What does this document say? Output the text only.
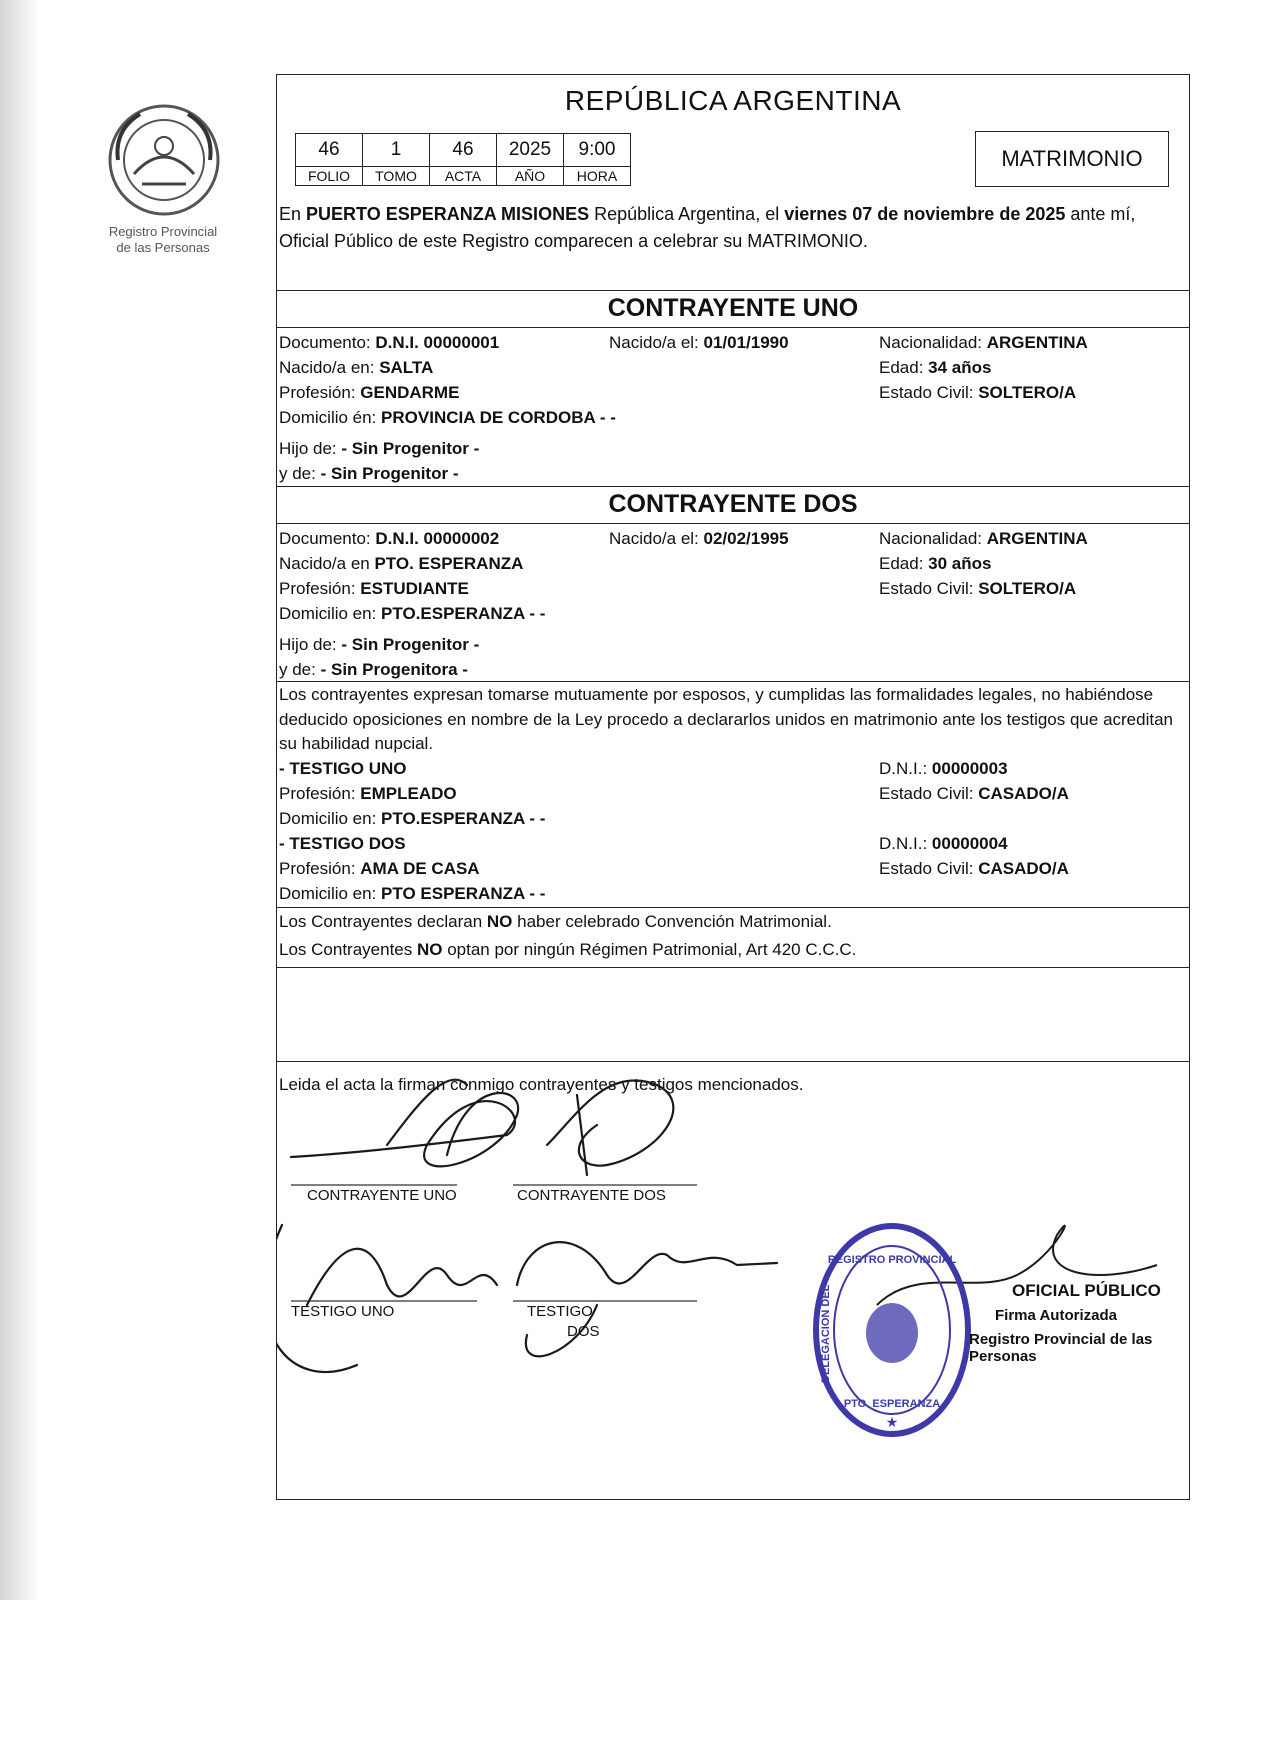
Registro Provincial
de las Personas
REPÚBLICA ARGENTINA
46	1	46	2025	9:00
FOLIO	TOMO	ACTA	AÑO	HORA
MATRIMONIO
En PUERTO ESPERANZA MISIONES República Argentina, el viernes 07 de noviembre de 2025 ante mí, Oficial Público de este Registro comparecen a celebrar su MATRIMONIO.
CONTRAYENTE UNO
Documento: D.N.I. 00000001	Nacido/a el: 01/01/1990	Nacionalidad: ARGENTINA
Nacido/a en: SALTA	Edad: 34 años
Profesión: GENDARME	Estado Civil: SOLTERO/A
Domicilio én: PROVINCIA DE CORDOBA - -
Hijo de: - Sin Progenitor -
y de: - Sin Progenitor -
CONTRAYENTE DOS
Documento: D.N.I. 00000002	Nacido/a el: 02/02/1995	Nacionalidad: ARGENTINA
Nacido/a en PTO. ESPERANZA	Edad: 30 años
Profesión: ESTUDIANTE	Estado Civil: SOLTERO/A
Domicilio en: PTO.ESPERANZA - -
Hijo de: - Sin Progenitor -
y de: - Sin Progenitora -
Los contrayentes expresan tomarse mutuamente por esposos, y cumplidas las formalidades legales, no habiéndose deducido oposiciones en nombre de la Ley procedo a declararlos unidos en matrimonio ante los testigos que acreditan su habilidad nupcial.
- TESTIGO UNO	D.N.I.: 00000003
Profesión: EMPLEADO	Estado Civil: CASADO/A
Domicilio en: PTO.ESPERANZA - -
- TESTIGO DOS	D.N.I.: 00000004
Profesión: AMA DE CASA	Estado Civil: CASADO/A
Domicilio en: PTO ESPERANZA - -
Los Contrayentes declaran NO haber celebrado Convención Matrimonial.
Los Contrayentes NO optan por ningún Régimen Patrimonial, Art 420 C.C.C.
Leida el acta la firman conmigo contrayentes y testigos mencionados.
CONTRAYENTE UNO	CONTRAYENTE DOS
TESTIGO UNO	TESTIGO
DOS
REGISTRO PROVINCIAL
PTO. ESPERANZA
DELEGACION DEL
★
OFICIAL PÚBLICO
Firma Autorizada
Registro Provincial de las Personas
